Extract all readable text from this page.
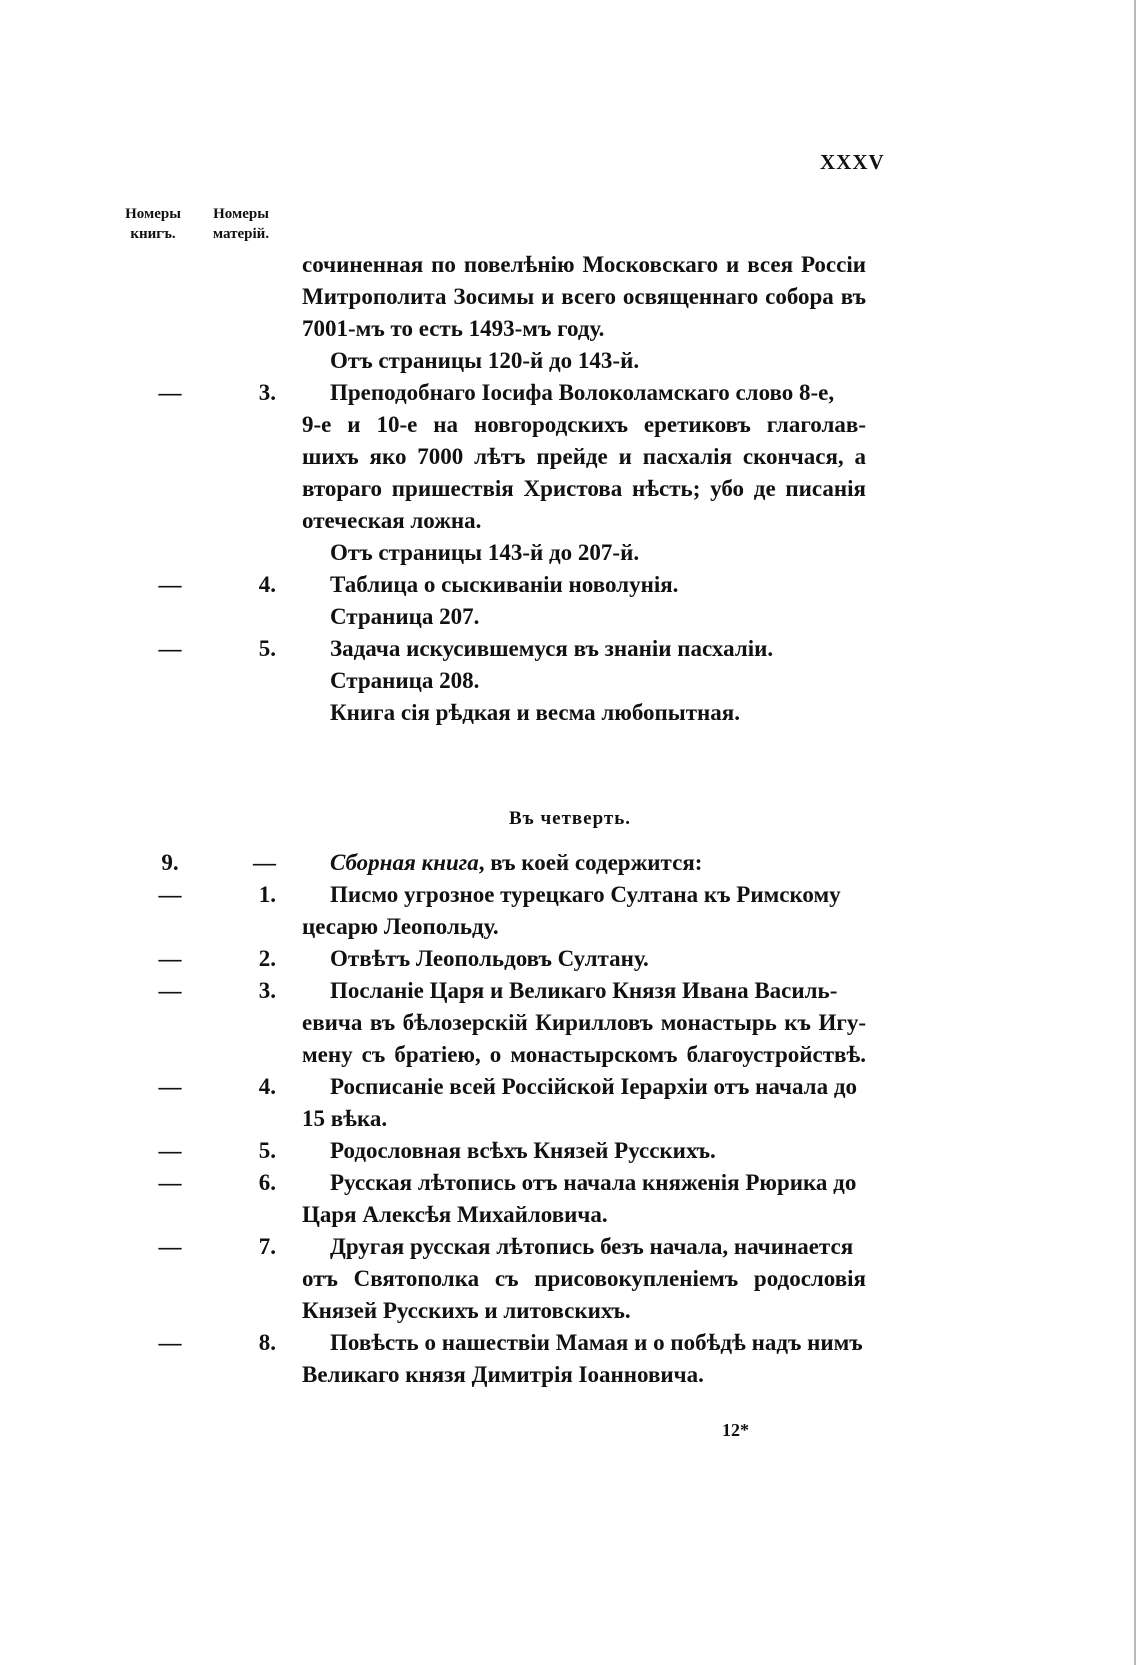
XXXV
Номеры книгъ.
Номеры матерій.
сочиненная по повелѣнію Московскаго и всея Россіи
Митрополита Зосимы и всего освященнаго собора въ
7001-мъ то есть 1493-мъ году.
Отъ страницы 120-й до 143-й.
—	3. Преподобнаго Іосифа Волоколамскаго слово 8-е,
9-е и 10-е на новгородскихъ еретиковъ глаголав-
шихъ яко 7000 лѣтъ прейде и пасхалія скончася, а
втораго пришествія Христова нѣсть; убо де писанія
отеческая ложна.
Отъ страницы 143-й до 207-й.
—	4. Таблица о сыскиваніи новолунія.
Страница 207.
—	5. Задача искусившемуся въ знаніи пасхаліи.
Страница 208.
Книга сія рѣдкая и весма любопытная.
Въ четверть.
9.	— Сборная книга, въ коей содержится:
—	1. Писмо угрозное турецкаго Султана къ Римскому
цесарю Леопольду.
—	2. Отвѣтъ Леопольдовъ Султану.
—	3. Посланіе Царя и Великаго Князя Ивана Василь-
евича въ бѣлозерскій Кирилловъ монастырь къ Игу-
мену съ братіею, о монастырскомъ благоустройствѣ.
—	4. Росписаніе всей Россійской Іерархіи отъ начала до
15 вѣка.
—	5. Родословная всѣхъ Князей Русскихъ.
—	6. Русская лѣтопись отъ начала княженія Рюрика до
Царя Алексѣя Михайловича.
—	7. Другая русская лѣтопись безъ начала, начинается
отъ Святополка съ присовокупленіемъ родословія
Князей Русскихъ и литовскихъ.
—	8. Повѣсть о нашествіи Мамая и о побѣдѣ надъ нимъ
Великаго князя Димитрія Іоанновича.
12*
